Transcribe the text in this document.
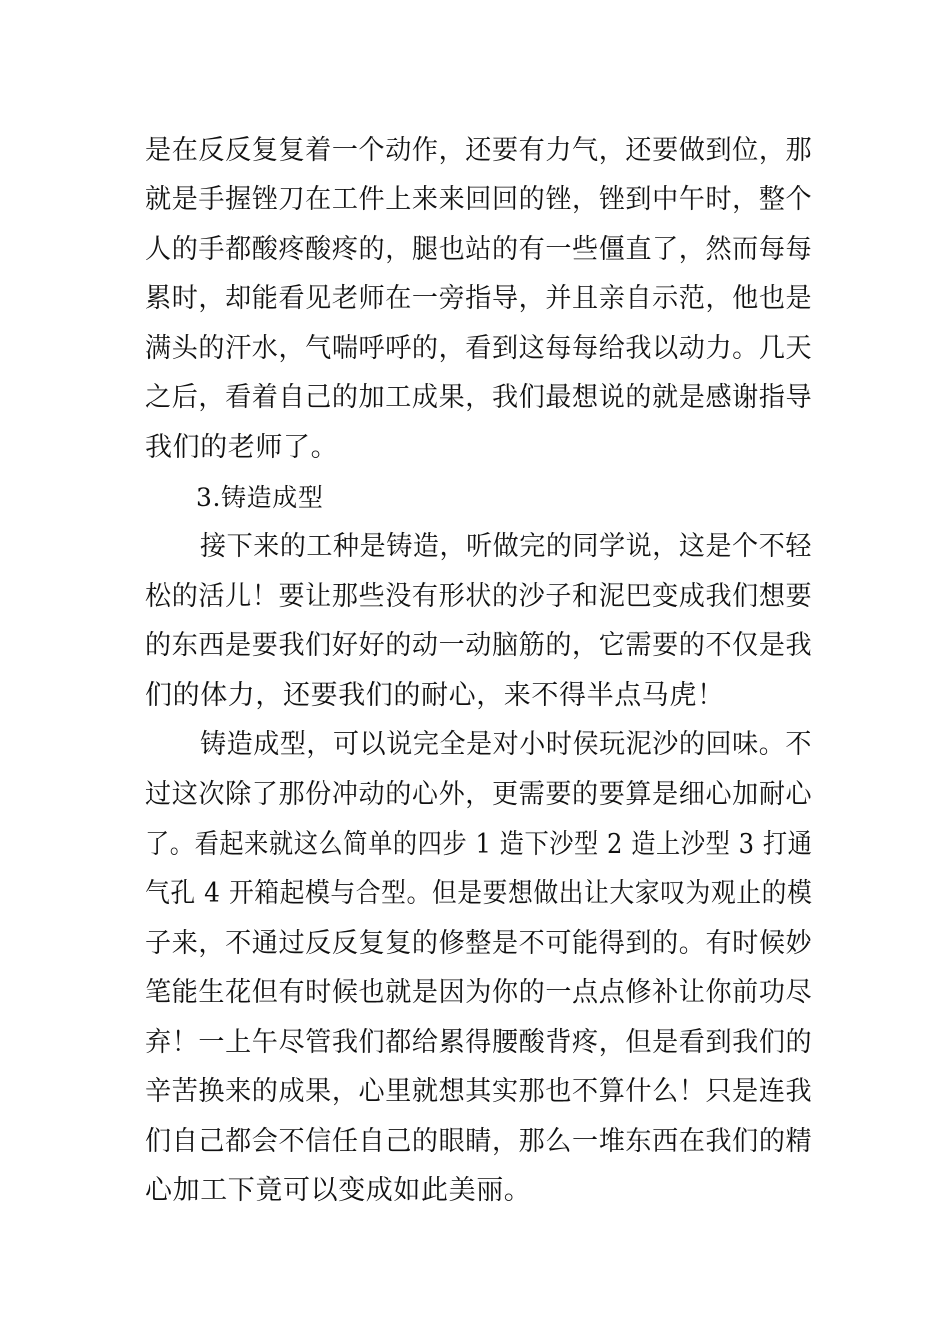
是在反反复复着一个动作，还要有力气，还要做到位，那
就是手握锉刀在工件上来来回回的锉，锉到中午时，整个
人的手都酸疼酸疼的，腿也站的有一些僵直了，然而每每
累时，却能看见老师在一旁指导，并且亲自示范，他也是
满头的汗水，气喘呼呼的，看到这每每给我以动力。几天
之后，看着自己的加工成果，我们最想说的就是感谢指导
我们的老师了。
3.铸造成型
接下来的工种是铸造，听做完的同学说，这是个不轻
松的活儿！要让那些没有形状的沙子和泥巴变成我们想要
的东西是要我们好好的动一动脑筋的，它需要的不仅是我
们的体力，还要我们的耐心，来不得半点马虎！
铸造成型，可以说完全是对小时侯玩泥沙的回味。不
过这次除了那份冲动的心外，更需要的要算是细心加耐心
了。看起来就这么简单的四步 1 造下沙型 2 造上沙型 3 打通
气孔 4 开箱起模与合型。但是要想做出让大家叹为观止的模
子来，不通过反反复复的修整是不可能得到的。有时候妙
笔能生花但有时候也就是因为你的一点点修补让你前功尽
弃！一上午尽管我们都给累得腰酸背疼，但是看到我们的
辛苦换来的成果，心里就想其实那也不算什么！只是连我
们自己都会不信任自己的眼睛，那么一堆东西在我们的精
心加工下竟可以变成如此美丽。
